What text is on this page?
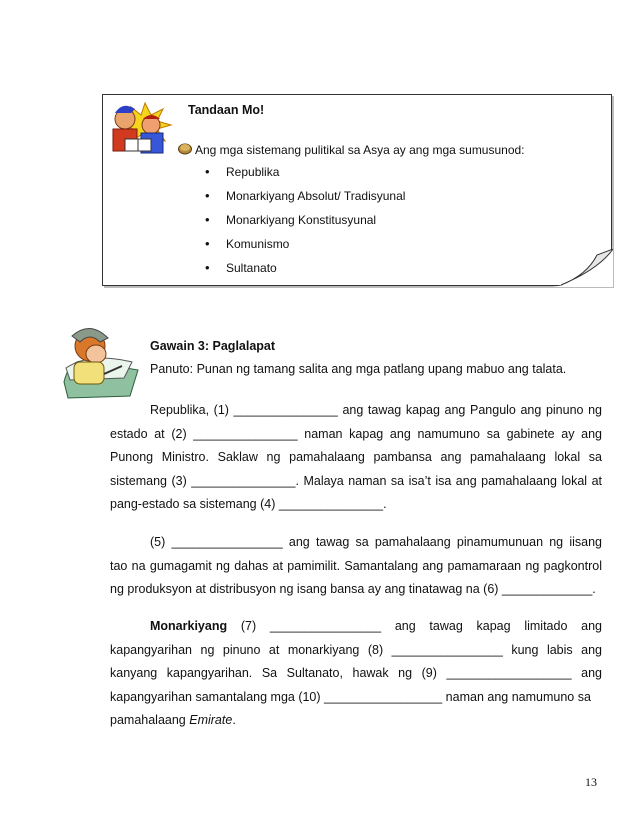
Tandaan Mo!
Ang mga sistemang pulitikal sa Asya ay ang mga sumusunod:
• Republika
• Monarkiyang Absolut/ Tradisyunal
• Monarkiyang Konstitusyunal
• Komunismo
• Sultanato
Gawain 3: Paglalapat
Panuto: Punan ng tamang salita ang mga patlang upang mabuo ang talata.
Republika, (1) _______________ ang tawag kapag ang Pangulo ang pinuno ng
estado at (2) _______________ naman kapag ang namumuno sa gabinete ay ang
Punong Ministro. Saklaw ng pamahalaang pambansa ang pamahalaang lokal sa
sistemang (3) _______________. Malaya naman sa isa’t isa ang pamahalaang lokal at
pang-estado sa sistemang (4) _______________.
(5) ________________ ang tawag sa pamahalaang pinamumunuan ng iisang
tao na gumagamit ng dahas at pamimilit. Samantalang ang pamamaraan ng pagkontrol
ng produksyon at distribusyon ng isang bansa ay ang tinatawag na (6) _____________.
Monarkiyang (7) ________________ ang tawag kapag limitado ang
kapangyarihan ng pinuno at monarkiyang (8) ________________ kung labis ang
kanyang kapangyarihan. Sa Sultanato, hawak ng (9) __________________ ang
kapangyarihan samantalang mga (10) _________________ naman ang namumuno sa
pamahalaang Emirate.
13
